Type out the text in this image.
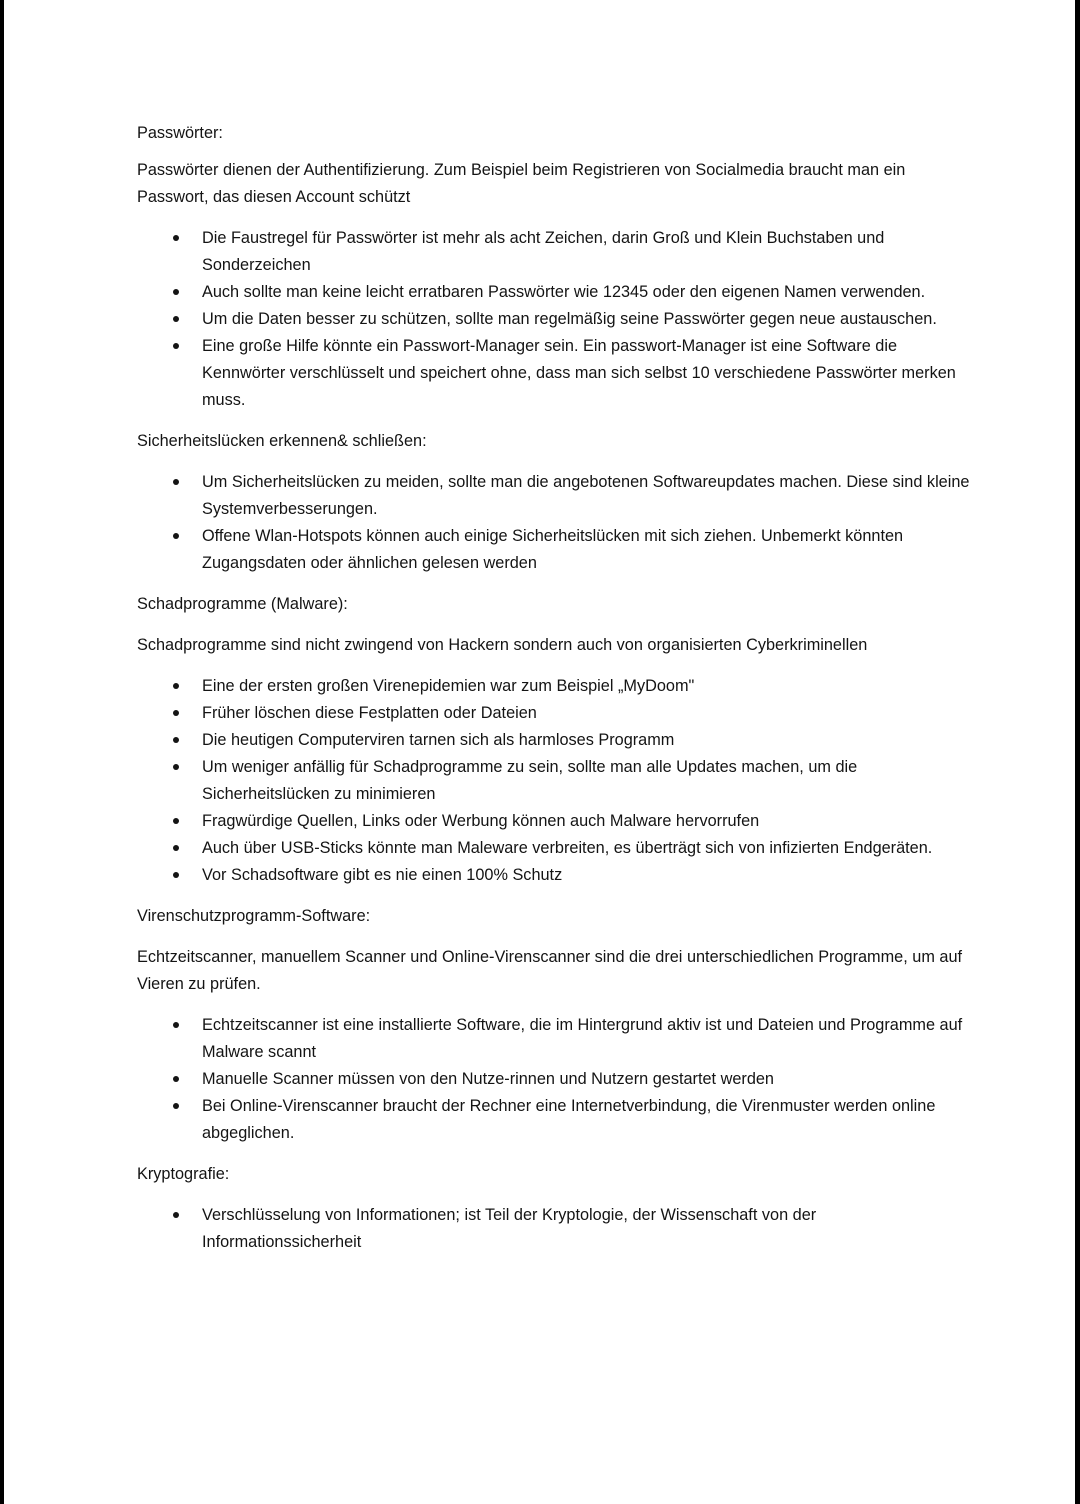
Passwörter:

Passwörter dienen der Authentifizierung. Zum Beispiel beim Registrieren von Socialmedia braucht man ein Passwort, das diesen Account schützt

Die Faustregel für Passwörter ist mehr als acht Zeichen, darin Groß und Klein Buchstaben und Sonderzeichen
Auch sollte man keine leicht erratbaren Passwörter wie 12345 oder den eigenen Namen verwenden.
Um die Daten besser zu schützen, sollte man regelmäßig seine Passwörter gegen neue austauschen.
Eine große Hilfe könnte ein Passwort-Manager sein. Ein passwort-Manager ist eine Software die Kennwörter verschlüsselt und speichert ohne, dass man sich selbst 10 verschiedene Passwörter merken muss.

Sicherheitslücken erkennen& schließen:

Um Sicherheitslücken zu meiden, sollte man die angebotenen Softwareupdates machen. Diese sind kleine Systemverbesserungen.
Offene Wlan-Hotspots können auch einige Sicherheitslücken mit sich ziehen. Unbemerkt könnten Zugangsdaten oder ähnlichen gelesen werden

Schadprogramme (Malware):

Schadprogramme sind nicht zwingend von Hackern sondern auch von organisierten Cyberkriminellen

Eine der ersten großen Virenepidemien war zum Beispiel „MyDoom"
Früher löschen diese Festplatten oder Dateien
Die heutigen Computerviren tarnen sich als harmloses Programm
Um weniger anfällig für Schadprogramme zu sein, sollte man alle Updates machen, um die Sicherheitslücken zu minimieren
Fragwürdige Quellen, Links oder Werbung können auch Malware hervorrufen
Auch über USB-Sticks könnte man Maleware verbreiten, es überträgt sich von infizierten Endgeräten.
Vor Schadsoftware gibt es nie einen 100% Schutz

Virenschutzprogramm-Software:

Echtzeitscanner, manuellem Scanner und Online-Virenscanner sind die drei unterschiedlichen Programme, um auf Vieren zu prüfen.

Echtzeitscanner ist eine installierte Software, die im Hintergrund aktiv ist und Dateien und Programme auf Malware scannt
Manuelle Scanner müssen von den Nutze-rinnen und Nutzern gestartet werden
Bei Online-Virenscanner braucht der Rechner eine Internetverbindung, die Virenmuster werden online abgeglichen.

Kryptografie:

Verschlüsselung von Informationen; ist Teil der Kryptologie, der Wissenschaft von der Informationssicherheit
